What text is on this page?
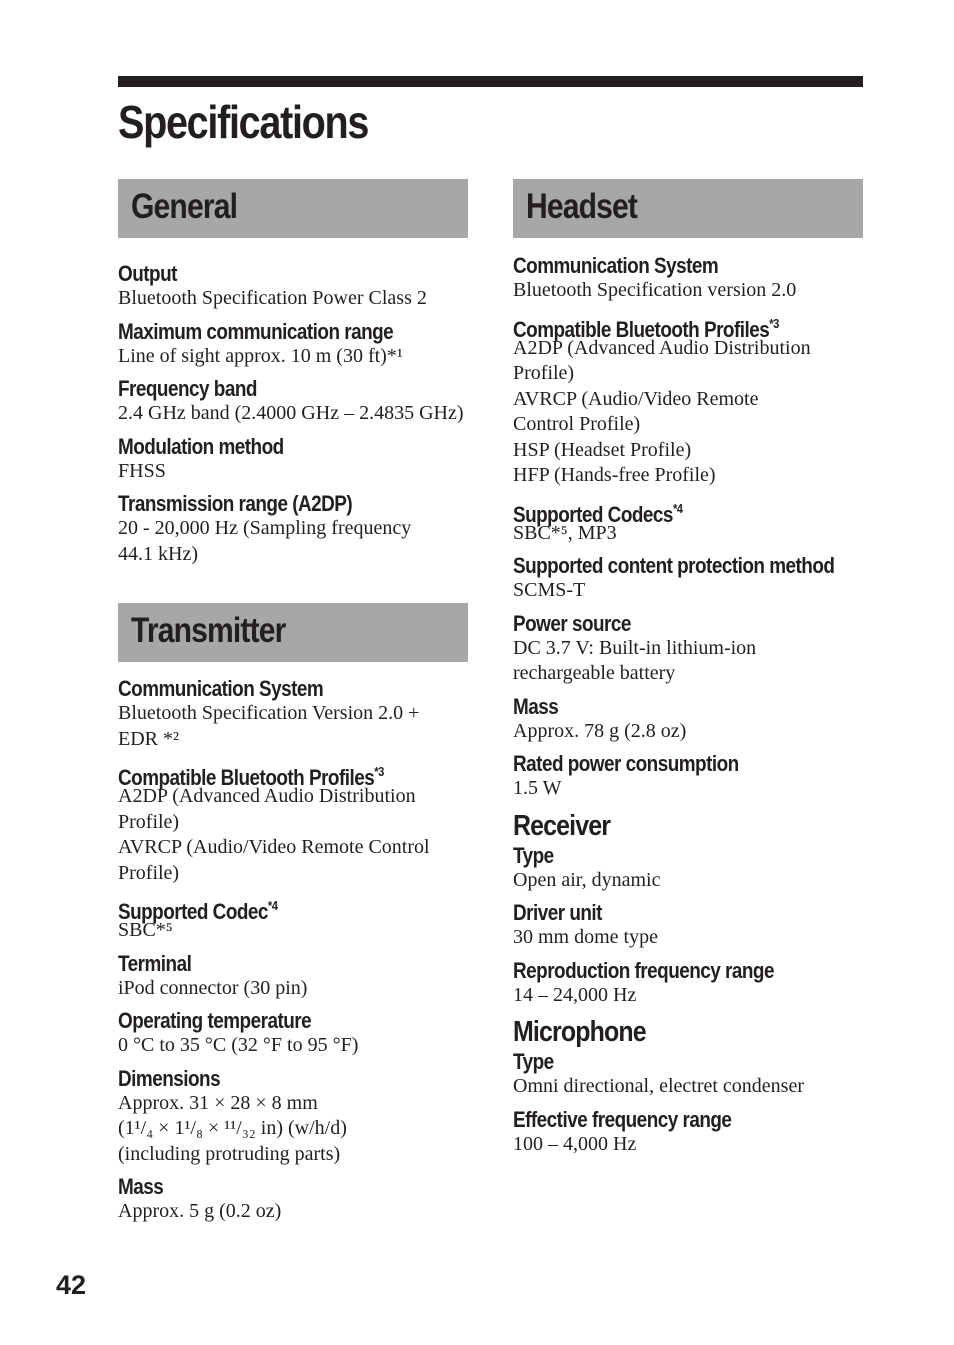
Specifications
General
Output
Bluetooth Specification Power Class 2
Maximum communication range
Line of sight approx. 10 m (30 ft)*¹
Frequency band
2.4 GHz band (2.4000 GHz – 2.4835 GHz)
Modulation method
FHSS
Transmission range (A2DP)
20 - 20,000 Hz (Sampling frequency
44.1 kHz)
Transmitter
Communication System
Bluetooth Specification Version 2.0 +
EDR *²
Compatible Bluetooth Profiles$^{*3}$
A2DP (Advanced Audio Distribution
Profile)
AVRCP (Audio/Video Remote Control
Profile)
Supported Codec$^{*4}$
SBC*⁵
Terminal
iPod connector (30 pin)
Operating temperature
0 °C to 35 °C (32 °F to 95 °F)
Dimensions
Approx. 31 × 28 × 8 mm
(1¹/₄ × 1¹/₈ × ¹¹/₃₂ in) (w/h/d)
(including protruding parts)
Mass
Approx. 5 g (0.2 oz)
Headset
Communication System
Bluetooth Specification version 2.0
Compatible Bluetooth Profiles$^{*3}$
A2DP (Advanced Audio Distribution
Profile)
AVRCP (Audio/Video Remote
Control Profile)
HSP (Headset Profile)
HFP (Hands-free Profile)
Supported Codecs$^{*4}$
SBC*⁵, MP3
Supported content protection method
SCMS-T
Power source
DC 3.7 V: Built-in lithium-ion
rechargeable battery
Mass
Approx. 78 g (2.8 oz)
Rated power consumption
1.5 W
Receiver
Type
Open air, dynamic
Driver unit
30 mm dome type
Reproduction frequency range
14 – 24,000 Hz
Microphone
Type
Omni directional, electret condenser
Effective frequency range
100 – 4,000 Hz
42
